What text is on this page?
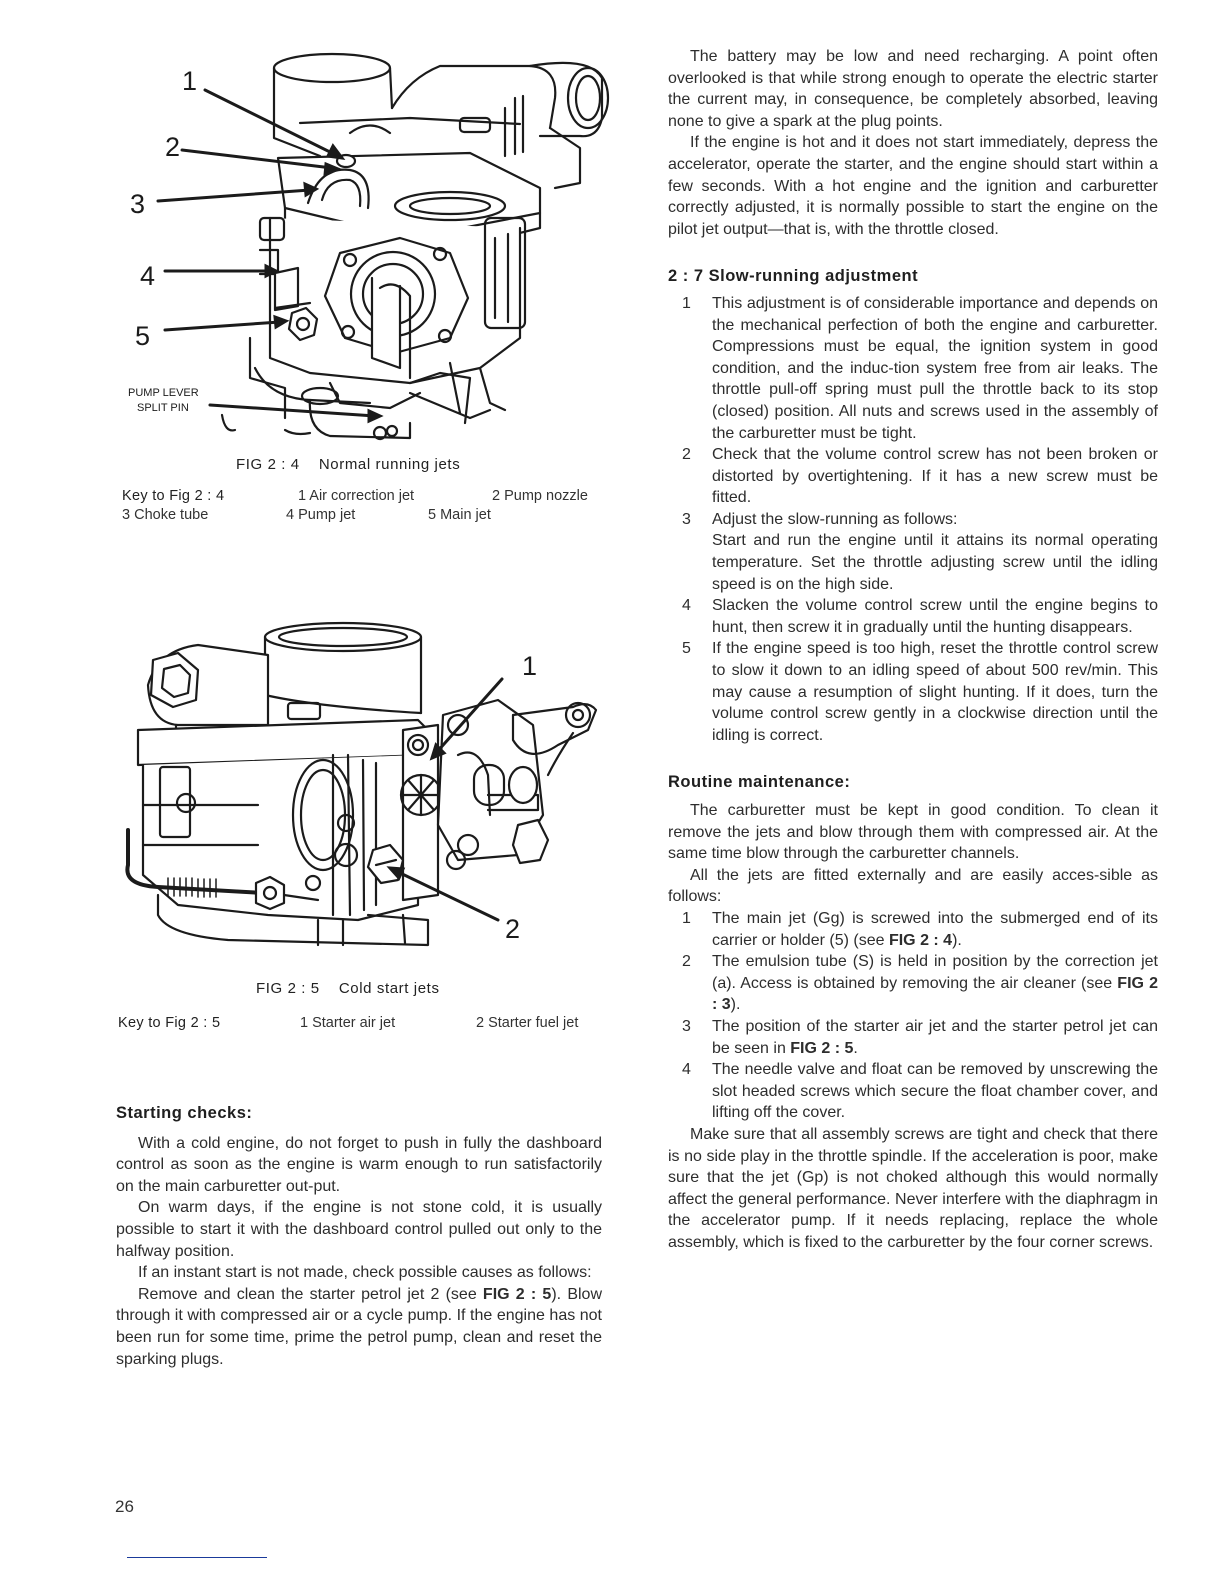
1
2
3
4
5
PUMP LEVER
SPLIT PIN
FIG 2 : 4 Normal running jets
Key to Fig 2 : 4	1 Air correction jet	2 Pump nozzle
3 Choke tube	4 Pump jet	5 Main jet
1
2
FIG 2 : 5 Cold start jets
Key to Fig 2 : 5	1 Starter air jet	2 Starter fuel jet
Starting checks:

With a cold engine, do not forget to push in fully the dashboard control as soon as the engine is warm enough to run satisfactorily on the main carburetter out-put.

On warm days, if the engine is not stone cold, it is usually possible to start it with the dashboard control pulled out only to the halfway position.

If an instant start is not made, check possible causes as follows:

Remove and clean the starter petrol jet 2 (see FIG 2 : 5). Blow through it with compressed air or a cycle pump. If the engine has not been run for some time, prime the petrol pump, clean and reset the sparking plugs.

The battery may be low and need recharging. A point often overlooked is that while strong enough to operate the electric starter the current may, in consequence, be completely absorbed, leaving none to give a spark at the plug points.

If the engine is hot and it does not start immediately, depress the accelerator, operate the starter, and the engine should start within a few seconds. With a hot engine and the ignition and carburetter correctly adjusted, it is normally possible to start the engine on the pilot jet output—that is, with the throttle closed.

2 : 7 Slow-running adjustment
1 This adjustment is of considerable importance and depends on the mechanical perfection of both the engine and carburetter. Compressions must be equal, the ignition system in good condition, and the induc-tion system free from air leaks. The throttle pull-off spring must pull the throttle back to its stop (closed) position. All nuts and screws used in the assembly of the carburetter must be tight.
2 Check that the volume control screw has not been broken or distorted by overtightening. If it has a new screw must be fitted.
3 Adjust the slow-running as follows:
Start and run the engine until it attains its normal operating temperature. Set the throttle adjusting screw until the idling speed is on the high side.
4 Slacken the volume control screw until the engine begins to hunt, then screw it in gradually until the hunting disappears.
5 If the engine speed is too high, reset the throttle control screw to slow it down to an idling speed of about 500 rev/min. This may cause a resumption of slight hunting. If it does, turn the volume control screw gently in a clockwise direction until the idling is correct.
Routine maintenance:

The carburetter must be kept in good condition. To clean it remove the jets and blow through them with compressed air. At the same time blow through the carburetter channels.

All the jets are fitted externally and are easily acces-sible as follows:

1 The main jet (Gg) is screwed into the submerged end of its carrier or holder (5) (see FIG 2 : 4).
2 The emulsion tube (S) is held in position by the correction jet (a). Access is obtained by removing the air cleaner (see FIG 2 : 3).
3 The position of the starter air jet and the starter petrol jet can be seen in FIG 2 : 5.
4 The needle valve and float can be removed by unscrewing the slot headed screws which secure the float chamber cover, and lifting off the cover.

Make sure that all assembly screws are tight and check that there is no side play in the throttle spindle. If the acceleration is poor, make sure that the jet (Gp) is not choked although this would normally affect the general performance. Never interfere with the diaphragm in the accelerator pump. If it needs replacing, replace the whole assembly, which is fixed to the carburetter by the four corner screws.

26
